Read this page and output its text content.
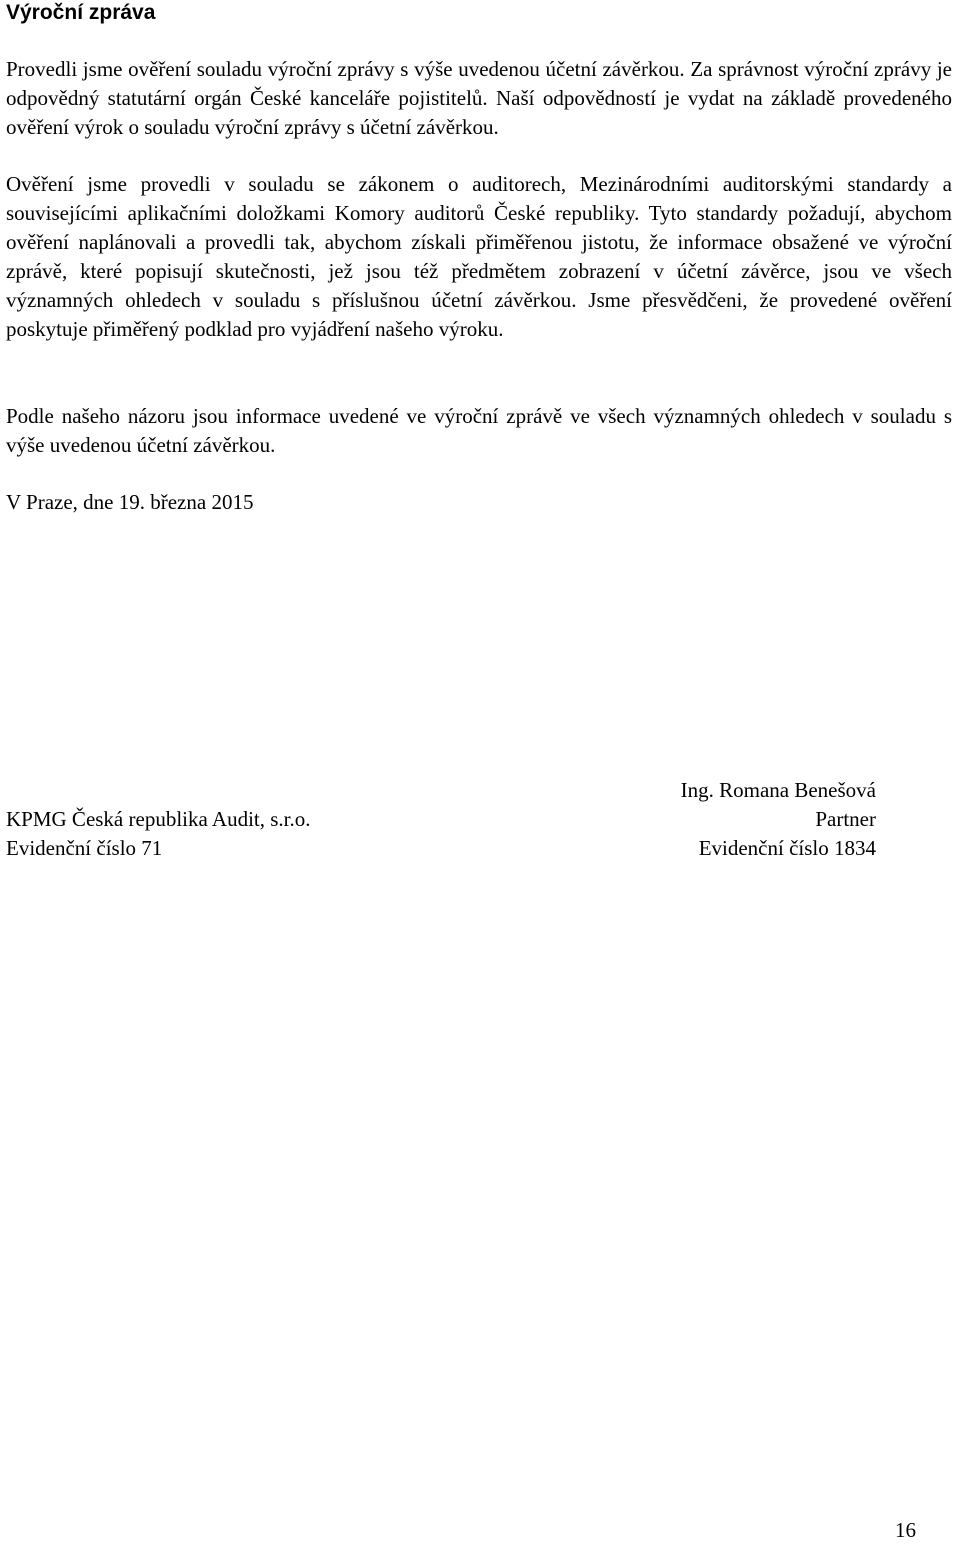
Výroční zpráva

Provedli jsme ověření souladu výroční zprávy s výše uvedenou účetní závěrkou. Za správnost výroční zprávy je odpovědný statutární orgán České kanceláře pojistitelů. Naší odpovědností je vydat na základě provedeného ověření výrok o souladu výroční zprávy s účetní závěrkou.

Ověření jsme provedli v souladu se zákonem o auditorech, Mezinárodními auditorskými standardy a souvisejícími aplikačními doložkami Komory auditorů České republiky. Tyto standardy požadují, abychom ověření naplánovali a provedli tak, abychom získali přiměřenou jistotu, že informace obsažené ve výroční zprávě, které popisují skutečnosti, jež jsou též předmětem zobrazení v účetní závěrce, jsou ve všech významných ohledech v souladu s příslušnou účetní závěrkou. Jsme přesvědčeni, že provedené ověření poskytuje přiměřený podklad pro vyjádření našeho výroku.

Podle našeho názoru jsou informace uvedené ve výroční zprávě ve všech významných ohledech v souladu s výše uvedenou účetní závěrkou.

V Praze, dne 19. března 2015

Ing. Romana Benešová
Partner
Evidenční číslo 1834
KPMG Česká republika Audit, s.r.o.
Evidenční číslo 71
16
